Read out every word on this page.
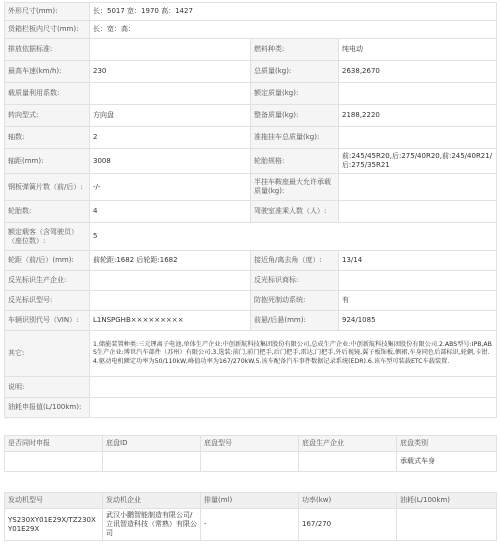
外形尺寸(mm):	长：5017 宽：1970 高：1427		
货箱栏板内尺寸(mm):	长：宽：高：		
排放依据标准:		燃料种类:	纯电动
最高车速(km/h):	230	总质量(kg):	2638,2670
载质量利用系数:		额定质量(kg):	
转向型式:	方向盘	整备质量(kg):	2188,2220
轴数:	2	准拖挂车总质量(kg):	
轴距(mm):	3008	轮胎规格:	前:245/45R20,后:275/40R20,前:245/40R21/后:275/35R21
钢板弹簧片数（前/后）:	-/-	半挂车鞍座最大允许承载质量(kg):	
轮胎数:	4	驾驶室准乘人数（人）:	
额定载客（含驾驶员）（座位数）:	5		
轮距（前/后）(mm):	前轮距:1682 后轮距:1682	接近角/离去角（度）:	13/14
反光标识生产企业:		反光标识商标:	
反光标识型号:		防抱死制动系统:	有
车辆识别代号（VIN）:	L1NSPGHB×××××××××	前悬/后悬(mm):	924/1085
其它:	1.储能装置种类:三元锂离子电池,单体生产企业:中创新航科技集团股份有限公司,总成生产企业:中创新航科技集团股份有限公司.2.ABS型号:IPB,ABS生产企业:博世汽车部件（苏州）有限公司.3.选装:前门,前门把手,后门把手,雷达,门把手,外后视镜,翼子板饰板,侧裙,车身同色后部标识,轮辋,卡钳.4.驱动电机额定功率为50/110kW,峰值功率为167/270kW.5.该车配备汽车事件数据记录系统(EDR).6.该车型可装载ETC车载装置.		
说明:			
油耗申报值(L/100km):			
是否同时申报	底盘ID	底盘型号	底盘生产企业	底盘类别
				承载式车身
发动机型号	发动机企业	排量(ml)	功率(kw)	油耗(L/100km)
YS230XY01E29X/TZ230XY01E29X	武汉小鹏智能制造有限公司/立讯智造科技（常熟）有限公司	-	167/270	
